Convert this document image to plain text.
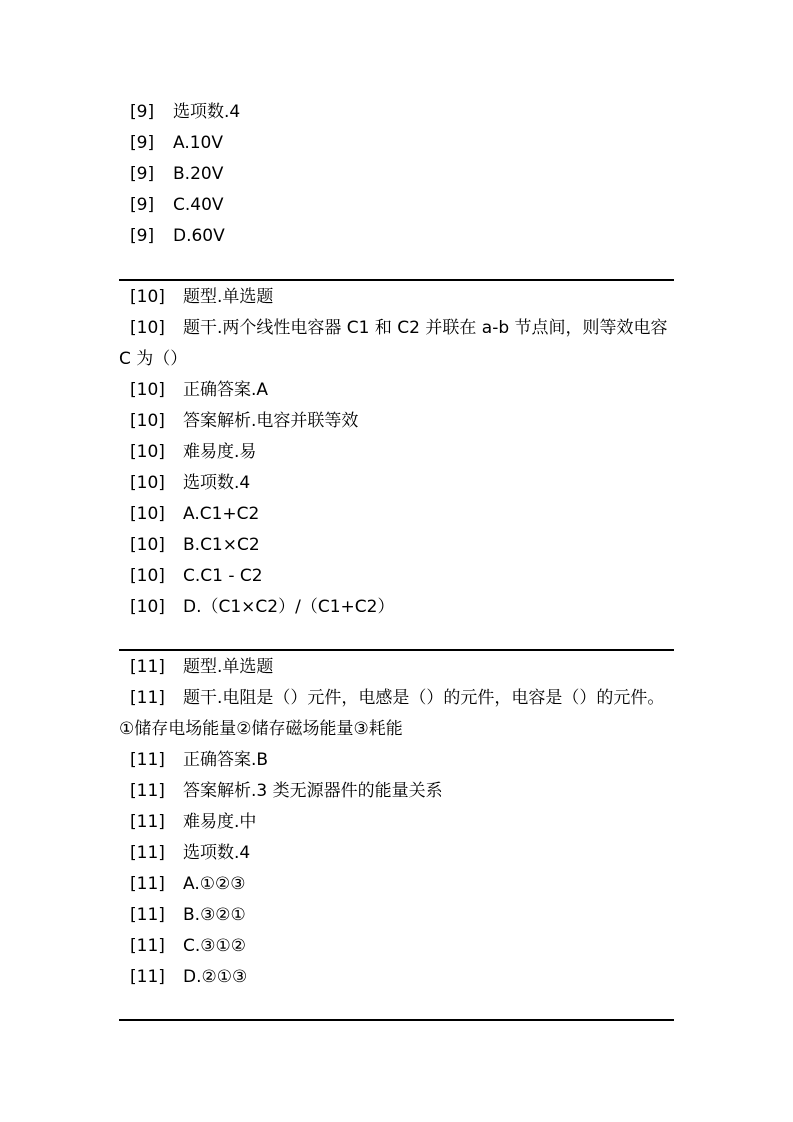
[9] 选项数.4
[9] A.10V
[9] B.20V
[9] C.40V
[9] D.60V
[10] 题型.单选题
[10] 题干.两个线性电容器 C1 和 C2 并联在 a-b 节点间，则等效电容 C 为（）
[10] 正确答案.A
[10] 答案解析.电容并联等效
[10] 难易度.易
[10] 选项数.4
[10] A.C1+C2
[10] B.C1×C2
[10] C.C1 - C2
[10] D.（C1×C2）/（C1+C2）
[11] 题型.单选题
[11] 题干.电阻是（）元件，电感是（）的元件，电容是（）的元件。 ①储存电场能量②储存磁场能量③耗能
[11] 正确答案.B
[11] 答案解析.3 类无源器件的能量关系
[11] 难易度.中
[11] 选项数.4
[11] A.①②③
[11] B.③②①
[11] C.③①②
[11] D.②①③
